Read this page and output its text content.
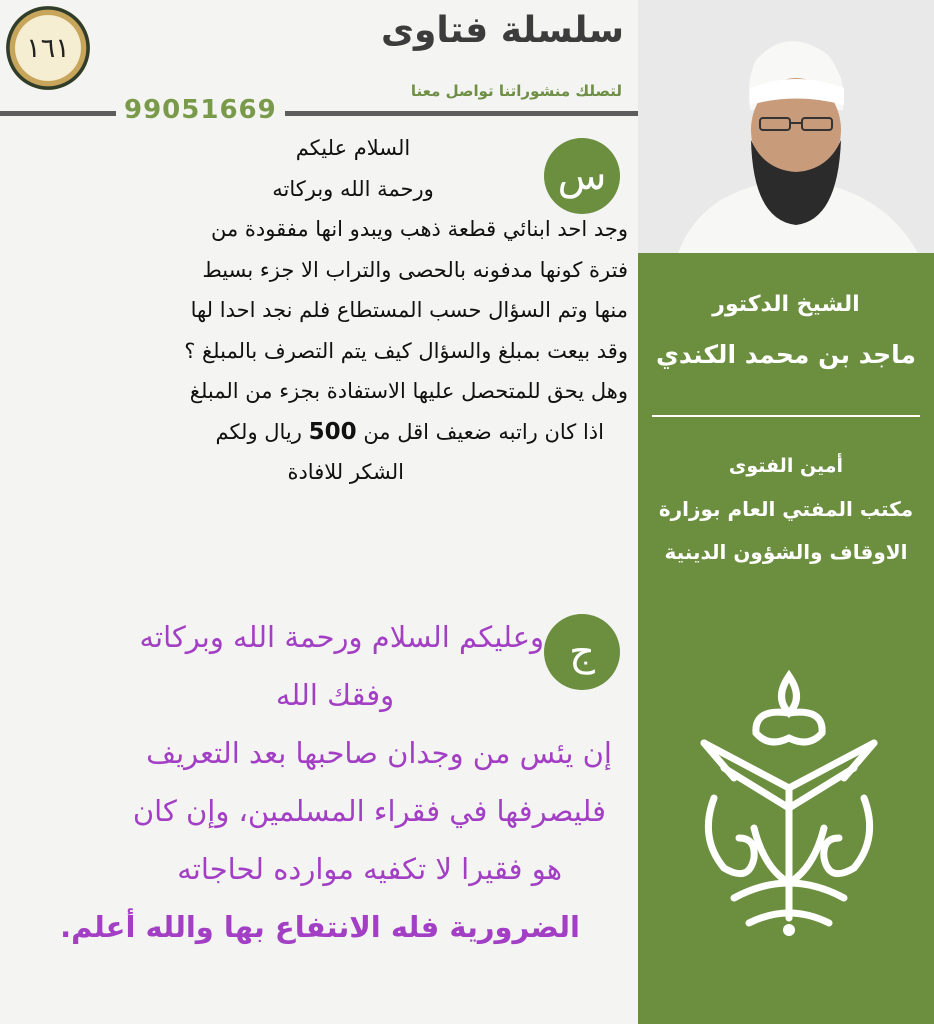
١٦١	سلسلة فتاوى
لتصلك منشوراتنا تواصل معنا
99051669
س
السلام عليكم
ورحمة الله وبركاته
وجد احد ابنائي قطعة ذهب ويبدو انها مفقودة من
فترة كونها مدفونه بالحصى والتراب الا جزء بسيط
منها وتم السؤال حسب المستطاع فلم نجد احدا لها
وقد بيعت بمبلغ والسؤال كيف يتم التصرف بالمبلغ ؟
وهل يحق للمتحصل عليها الاستفادة بجزء من المبلغ
اذا كان راتبه ضعيف اقل من 500 ريال ولكم
الشكر للافادة
ج
وعليكم السلام ورحمة الله وبركاته
وفقك الله
إن يئس من وجدان صاحبها بعد التعريف
فليصرفها في فقراء المسلمين، وإن كان
هو فقيرا لا تكفيه موارده لحاجاته
الضرورية فله الانتفاع بها والله أعلم.
الشيخ الدكتور
ماجد بن محمد الكندي
أمين الفتوى
مكتب المفتي العام بوزارة
الاوقاف والشؤون الدينية
